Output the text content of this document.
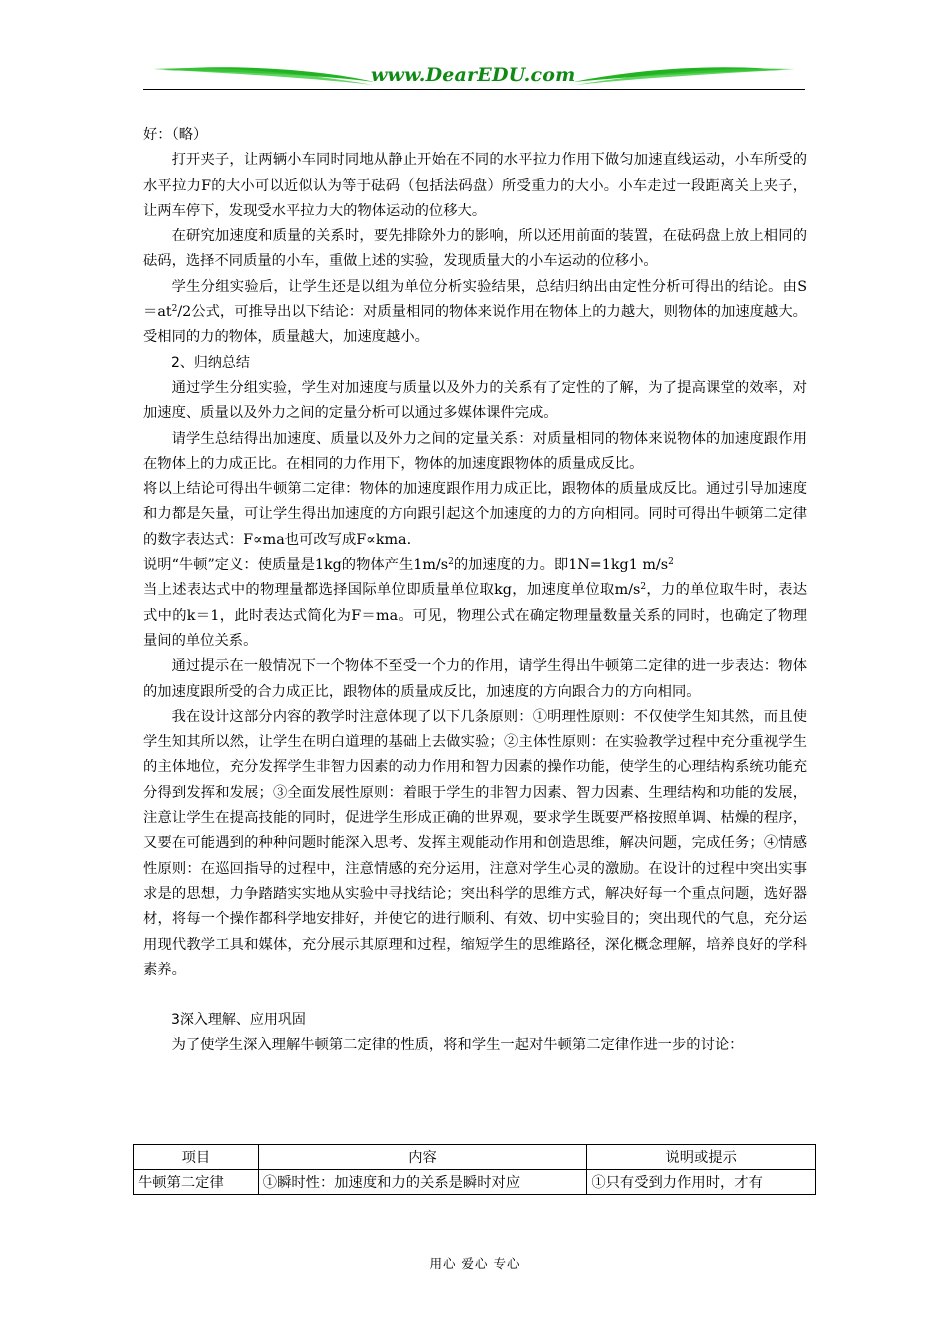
www.DearEDU.com

好：（略）

打开夹子，让两辆小车同时同地从静止开始在不同的水平拉力作用下做匀加速直线运动，小车所受的水平拉力F的大小可以近似认为等于砝码（包括法码盘）所受重力的大小。小车走过一段距离关上夹子，让两车停下，发现受水平拉力大的物体运动的位移大。

在研究加速度和质量的关系时，要先排除外力的影响，所以还用前面的装置，在砝码盘上放上相同的砝码，选择不同质量的小车，重做上述的实验，发现质量大的小车运动的位移小。

学生分组实验后，让学生还是以组为单位分析实验结果，总结归纳出由定性分析可得出的结论。由$S=at^2/2$公式，可推导出以下结论：对质量相同的物体来说作用在物体上的力越大，则物体的加速度越大。受相同的力的物体，质量越大，加速度越小。

2、归纳总结

通过学生分组实验，学生对加速度与质量以及外力的关系有了定性的了解，为了提高课堂的效率，对加速度、质量以及外力之间的定量分析可以通过多媒体课件完成。

请学生总结得出加速度、质量以及外力之间的定量关系：对质量相同的物体来说物体的加速度跟作用在物体上的力成正比。在相同的力作用下，物体的加速度跟物体的质量成反比。

将以上结论可得出牛顿第二定律：物体的加速度跟作用力成正比，跟物体的质量成反比。通过引导加速度和力都是矢量，可让学生得出加速度的方向跟引起这个加速度的力的方向相同。同时可得出牛顿第二定律的数字表达式：F∝ma也可改写成F∝kma.

说明“牛顿”定义：使质量是1kg的物体产生$1m/s^2$的加速度的力。即1N=1kg1 $m/s^2$

当上述表达式中的物理量都选择国际单位即质量单位取kg，加速度单位取$m/s^2$，力的单位取牛时，表达式中的k＝1，此时表达式简化为F＝ma。可见，物理公式在确定物理量数量关系的同时，也确定了物理量间的单位关系。

通过提示在一般情况下一个物体不至受一个力的作用，请学生得出牛顿第二定律的进一步表达：物体的加速度跟所受的合力成正比，跟物体的质量成反比，加速度的方向跟合力的方向相同。

我在设计这部分内容的教学时注意体现了以下几条原则：①明理性原则：不仅使学生知其然，而且使学生知其所以然，让学生在明白道理的基础上去做实验；②主体性原则：在实验教学过程中充分重视学生的主体地位，充分发挥学生非智力因素的动力作用和智力因素的操作功能，使学生的心理结构系统功能充分得到发挥和发展；③全面发展性原则：着眼于学生的非智力因素、智力因素、生理结构和功能的发展，注意让学生在提高技能的同时，促进学生形成正确的世界观，要求学生既要严格按照单调、枯燥的程序，又要在可能遇到的种种问题时能深入思考、发挥主观能动作用和创造思维，解决问题，完成任务；④情感性原则：在巡回指导的过程中，注意情感的充分运用，注意对学生心灵的激励。在设计的过程中突出实事求是的思想，力争踏踏实实地从实验中寻找结论；突出科学的思维方式，解决好每一个重点问题，选好器材，将每一个操作都科学地安排好，并使它的进行顺利、有效、切中实验目的；突出现代的气息，充分运用现代教学工具和媒体，充分展示其原理和过程，缩短学生的思维路径，深化概念理解，培养良好的学科素养。

3深入理解、应用巩固

为了使学生深入理解牛顿第二定律的性质，将和学生一起对牛顿第二定律作进一步的讨论：

项目	内容	说明或提示
牛顿第二定律	①瞬时性：加速度和力的关系是瞬时对应	①只有受到力作用时，才有
用心 爱心 专心
